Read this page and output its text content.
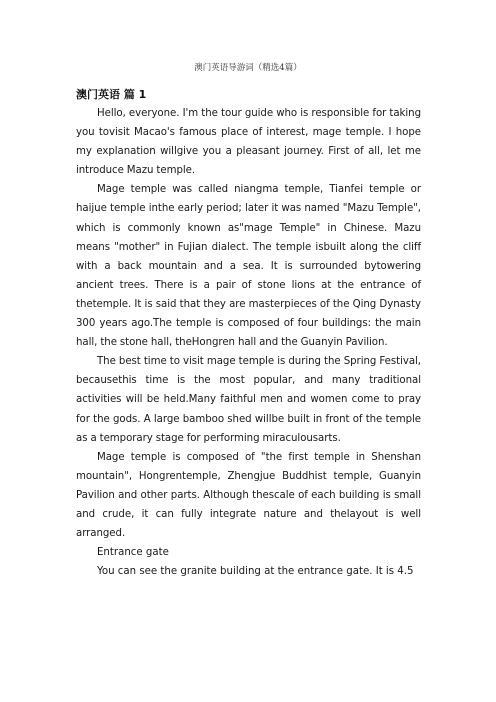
澳门英语导游词（精选4篇）

澳门英语 篇 1

Hello, everyone. I'm the tour guide who is responsible for taking you tovisit Macao's famous place of interest, mage temple. I hope my explanation willgive you a pleasant journey. First of all, let me introduce Mazu temple.

Mage temple was called niangma temple, Tianfei temple or haijue temple inthe early period; later it was named "Mazu Temple", which is commonly known as"mage Temple" in Chinese. Mazu means "mother" in Fujian dialect. The temple isbuilt along the cliff with a back mountain and a sea. It is surrounded bytowering ancient trees. There is a pair of stone lions at the entrance of thetemple. It is said that they are masterpieces of the Qing Dynasty 300 years ago.The temple is composed of four buildings: the main hall, the stone hall, theHongren hall and the Guanyin Pavilion.

The best time to visit mage temple is during the Spring Festival, becausethis time is the most popular, and many traditional activities will be held.Many faithful men and women come to pray for the gods. A large bamboo shed willbe built in front of the temple as a temporary stage for performing miraculousarts.

Mage temple is composed of "the first temple in Shenshan mountain", Hongrentemple, Zhengjue Buddhist temple, Guanyin Pavilion and other parts. Although thescale of each building is small and crude, it can fully integrate nature and thelayout is well arranged.

Entrance gate

You can see the granite building at the entrance gate. It is 4.5
